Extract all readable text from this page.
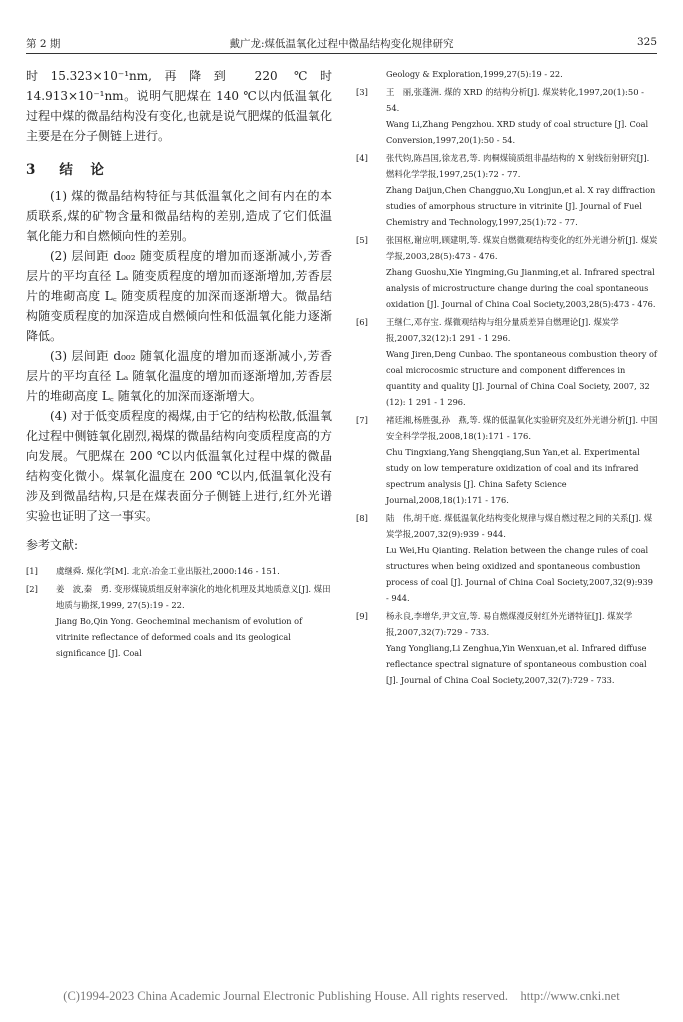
第 2 期	戴广龙:煤低温氧化过程中微晶结构变化规律研究	325

时15.323×10⁻¹nm,再降到 220 ℃时 14.913×10⁻¹nm。说明气肥煤在 140 ℃以内低温氧化过程中煤的微晶结构没有变化,也就是说气肥煤的低温氧化主要是在分子侧链上进行。

3 结　论

(1) 煤的微晶结构特征与其低温氧化之间有内在的本质联系,煤的矿物含量和微晶结构的差别,造成了它们低温氧化能力和自燃倾向性的差别。

(2) 层间距 d₀₀₂ 随变质程度的增加而逐渐减小,芳香层片的平均直径 Lₐ 随变质程度的增加而逐渐增加,芳香层片的堆砌高度 L꜀ 随变质程度的加深而逐渐增大。微晶结构随变质程度的加深造成自燃倾向性和低温氧化能力逐渐降低。

(3) 层间距 d₀₀₂ 随氧化温度的增加而逐渐减小,芳香层片的平均直径 Lₐ 随氧化温度的增加而逐渐增加,芳香层片的堆砌高度 L꜀ 随氧化的加深而逐渐增大。

(4) 对于低变质程度的褐煤,由于它的结构松散,低温氧化过程中侧链氧化剧烈,褐煤的微晶结构向变质程度高的方向发展。气肥煤在 200 ℃以内低温氧化过程中煤的微晶结构变化微小。煤氧化温度在 200 ℃以内,低温氧化没有涉及到微晶结构,只是在煤表面分子侧链上进行,红外光谱实验也证明了这一事实。

参考文献:
[1] 虞继舜. 煤化学[M]. 北京:冶金工业出版社,2000:146 - 151.
[2] 姜　波,秦　勇. 变形煤镜质组反射率演化的地化机理及其地质意义[J]. 煤田地质与勘探,1999, 27(5):19 - 22.
Jiang Bo,Qin Yong. Geocheminal mechanism of evolution of vitrinite reflectance of deformed coals and its geological significance [J]. Coal
Geology & Exploration,1999,27(5):19 - 22.
[3] 王　丽,张蓬洲. 煤的 XRD 的结构分析[J]. 煤炭转化,1997,20(1):50 - 54.
Wang Li,Zhang Pengzhou. XRD study of coal structure [J]. Coal Conversion,1997,20(1):50 - 54.
[4] 张代钧,陈昌国,徐龙君,等. 肉桐煤镜质组非晶结构的 X 射线衍射研究[J]. 燃料化学学报,1997,25(1):72 - 77.
Zhang Daijun,Chen Changguo,Xu Longjun,et al. X ray diffraction studies of amorphous structure in vitrinite [J]. Journal of Fuel Chemistry and Technology,1997,25(1):72 - 77.
[5] 张国枢,谢应明,顾建明,等. 煤炭自燃微观结构变化的红外光谱分析[J]. 煤炭学报,2003,28(5):473 - 476.
Zhang Guoshu,Xie Yingming,Gu Jianming,et al. Infrared spectral analysis of microstructure change during the coal spontaneous oxidation [J]. Journal of China Coal Society,2003,28(5):473 - 476.
[6] 王继仁,邓存宝. 煤微观结构与组分量质差异自燃理论[J]. 煤炭学报,2007,32(12):1 291 - 1 296.
Wang Jiren,Deng Cunbao. The spontaneous combustion theory of coal microcosmic structure and component differences in quantity and quality [J]. Journal of China Coal Society, 2007, 32 (12): 1 291 - 1 296.
[7] 褚廷湘,杨胜强,孙　燕,等. 煤的低温氧化实验研究及红外光谱分析[J]. 中国安全科学学报,2008,18(1):171 - 176.
Chu Tingxiang,Yang Shengqiang,Sun Yan,et al. Experimental study on low temperature oxidization of coal and its infrared spectrum analysis [J]. China Safety Science Journal,2008,18(1):171 - 176.
[8] 陆　伟,胡千庭. 煤低温氧化结构变化规律与煤自燃过程之间的关系[J]. 煤炭学报,2007,32(9):939 - 944.
Lu Wei,Hu Qianting. Relation between the change rules of coal structures when being oxidized and spontaneous combustion process of coal [J]. Journal of China Coal Society,2007,32(9):939 - 944.
[9] 杨永良,李增华,尹文宣,等. 易自燃煤漫反射红外光谱特征[J]. 煤炭学报,2007,32(7):729 - 733.
Yang Yongliang,Li Zenghua,Yin Wenxuan,et al. Infrared diffuse reflectance spectral signature of spontaneous combustion coal [J]. Journal of China Coal Society,2007,32(7):729 - 733.
(C)1994-2023 China Academic Journal Electronic Publishing House. All rights reserved.　http://www.cnki.net
